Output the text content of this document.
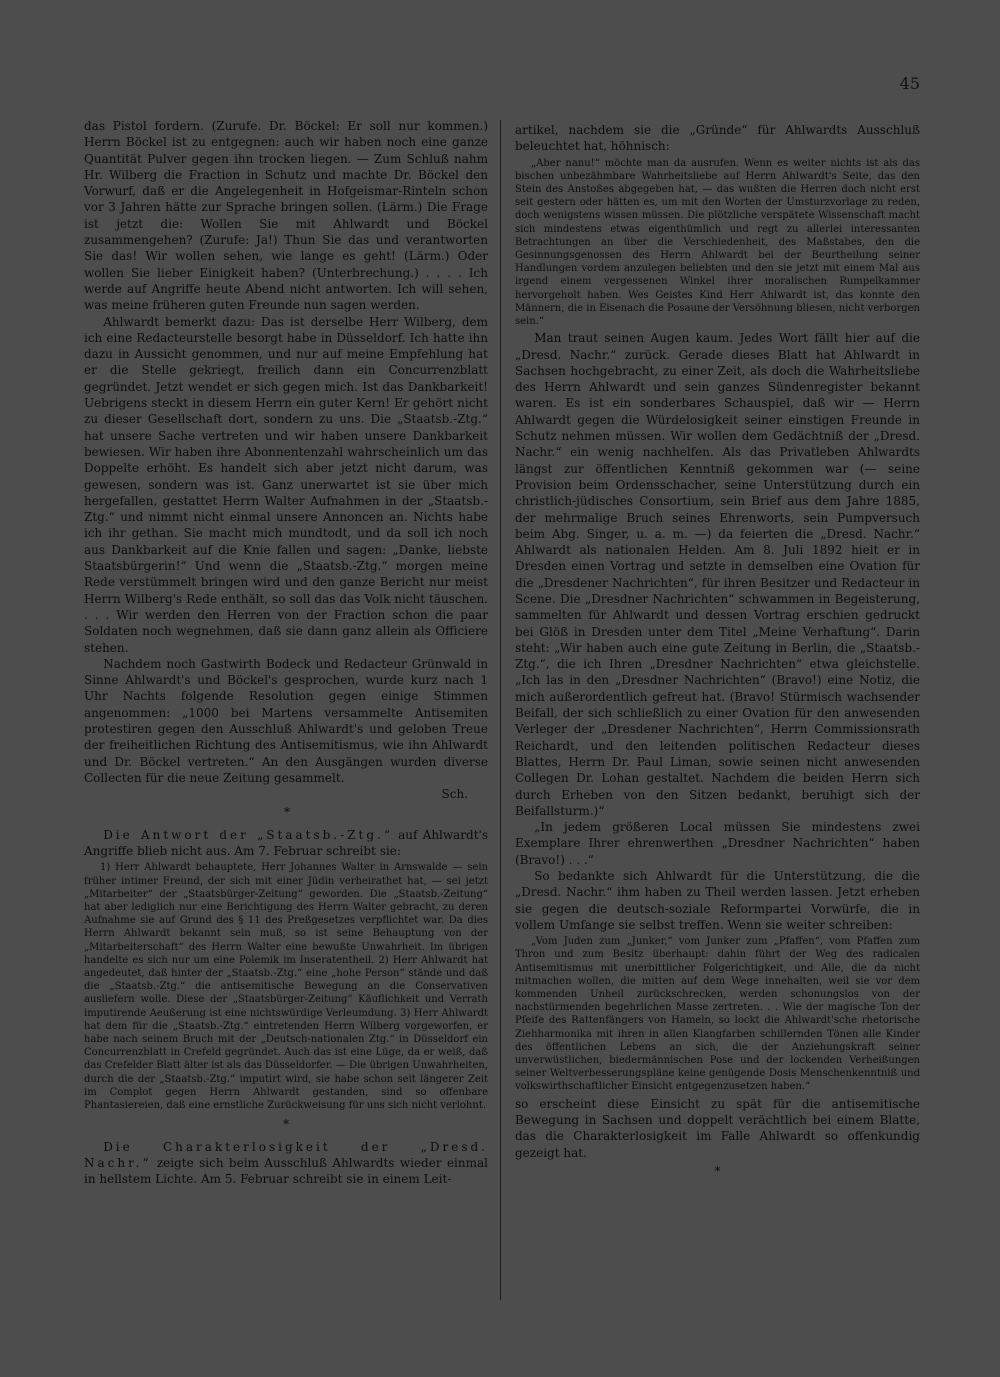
45

das Pistol fordern. (Zurufe. Dr. Böckel: Er soll nur kommen.) Herrn Böckel ist zu entgegnen: auch wir haben noch eine ganze Quantität Pulver gegen ihn trocken liegen. — Zum Schluß nahm Hr. Wilberg die Fraction in Schutz und machte Dr. Böckel den Vorwurf, daß er die Angelegenheit in Hofgeismar-Rinteln schon vor 3 Jahren hätte zur Sprache bringen sollen. (Lärm.) Die Frage ist jetzt die: Wollen Sie mit Ahlwardt und Böckel zusammengehen? (Zurufe: Ja!) Thun Sie das und verantworten Sie das! Wir wollen sehen, wie lange es geht! (Lärm.) Oder wollen Sie lieber Einigkeit haben? (Unterbrechung.) . . . . Ich werde auf Angriffe heute Abend nicht antworten. Ich will sehen, was meine früheren guten Freunde nun sagen werden.

Ahlwardt bemerkt dazu: Das ist derselbe Herr Wilberg, dem ich eine Redacteurstelle besorgt habe in Düsseldorf. Ich hatte ihn dazu in Aussicht genommen, und nur auf meine Empfehlung hat er die Stelle gekriegt, freilich dann ein Concurrenzblatt gegründet. Jetzt wendet er sich gegen mich. Ist das Dankbarkeit! Uebrigens steckt in diesem Herrn ein guter Kern! Er gehört nicht zu dieser Gesellschaft dort, sondern zu uns. Die „Staatsb.-Ztg.“ hat unsere Sache vertreten und wir haben unsere Dankbarkeit bewiesen. Wir haben ihre Abonnentenzahl wahrscheinlich um das Doppelte erhöht. Es handelt sich aber jetzt nicht darum, was gewesen, sondern was ist. Ganz unerwartet ist sie über mich hergefallen, gestattet Herrn Walter Aufnahmen in der „Staatsb.-Ztg.“ und nimmt nicht einmal unsere Annoncen an. Nichts habe ich ihr gethan. Sie macht mich mundtodt, und da soll ich noch aus Dankbarkeit auf die Knie fallen und sagen: „Danke, liebste Staatsbürgerin!“ Und wenn die „Staatsb.-Ztg.“ morgen meine Rede verstümmelt bringen wird und den ganze Bericht nur meist Herrn Wilberg's Rede enthält, so soll das das Volk nicht täuschen. . . . Wir werden den Herren von der Fraction schon die paar Soldaten noch wegnehmen, daß sie dann ganz allein als Officiere stehen.

Nachdem noch Gastwirth Bodeck und Redacteur Grünwald in Sinne Ahlwardt's und Böckel's gesprochen, wurde kurz nach 1 Uhr Nachts folgende Resolution gegen einige Stimmen angenommen: „1000 bei Martens versammelte Antisemiten protestiren gegen den Ausschluß Ahlwardt's und geloben Treue der freiheitlichen Richtung des Antisemitismus, wie ihn Ahlwardt und Dr. Böckel vertreten.“ An den Ausgängen wurden diverse Collecten für die neue Zeitung gesammelt.

Sch.

*

Die Antwort der „Staatsb.-Ztg.“ auf Ahlwardt's Angriffe blieb nicht aus. Am 7. Februar schreibt sie:

1) Herr Ahlwardt behauptete, Herr Johannes Walter in Arnswalde — sein früher intimer Freund, der sich mit einer Jüdin verheirathet hat, — sei jetzt „Mitarbeiter“ der „Staatsbürger-Zeitung“ geworden. Die „Staatsb.-Zeitung“ hat aber lediglich nur eine Berichtigung des Herrn Walter gebracht, zu deren Aufnahme sie auf Grund des § 11 des Preßgesetzes verpflichtet war. Da dies Herrn Ahlwardt bekannt sein muß, so ist seine Behauptung von der „Mitarbeiterschaft“ des Herrn Walter eine bewußte Unwahrheit. Im übrigen handelte es sich nur um eine Polemik im Inseratentheil. 2) Herr Ahlwardt hat angedeutet, daß hinter der „Staatsb.-Ztg.“ eine „hohe Person“ stände und daß die „Staatsb.-Ztg.“ die antisemitische Bewegung an die Conservativen ausliefern wolle. Diese der „Staatsbürger-Zeitung“ Käuflichkeit und Verrath imputirende Aeußerung ist eine nichtswürdige Verleumdung. 3) Herr Ahlwardt hat dem für die „Staatsb.-Ztg.“ eintretenden Herrn Wilberg vorgeworfen, er habe nach seinem Bruch mit der „Deutsch-nationalen Ztg.“ in Düsseldorf ein Concurrenzblatt in Crefeld gegründet. Auch das ist eine Lüge, da er weiß, daß das Crefelder Blatt älter ist als das Düsseldorfer. — Die übrigen Unwahrheiten, durch die der „Staatsb.-Ztg.“ imputirt wird, sie habe schon seit längerer Zeit im Complot gegen Herrn Ahlwardt gestanden, sind so offenbare Phantasiereien, daß eine ernstliche Zurückweisung für uns sich nicht verlohnt.

*

Die Charakterlosigkeit der „Dresd. Nachr.“ zeigte sich beim Ausschluß Ahlwardts wieder einmal in hellstem Lichte. Am 5. Februar schreibt sie in einem Leit-

artikel, nachdem sie die „Gründe“ für Ahlwardts Ausschluß beleuchtet hat, höhnisch:

„Aber nanu!“ möchte man da ausrufen. Wenn es weiter nichts ist als das bischen unbezähmbare Wahrheitsliebe auf Herrn Ahlwardt's Seite, das den Stein des Anstoßes abgegeben hat, — das wußten die Herren doch nicht erst seit gestern oder hätten es, um mit den Worten der Umsturzvorlage zu reden, doch wenigstens wissen müssen. Die plötzliche verspätete Wissenschaft macht sich mindestens etwas eigenthümlich und regt zu allerlei interessanten Betrachtungen an über die Verschiedenheit, des Maßstabes, den die Gesinnungsgenossen des Herrn Ahlwardt bei der Beurtheilung seiner Handlungen vordem anzulegen beliebten und den sie jetzt mit einem Mal aus irgend einem vergessenen Winkel ihrer moralischen Rumpelkammer hervorgeholt haben. Wes Geistes Kind Herr Ahlwardt ist, das konnte den Männern, die in Eisenach die Posaune der Versöhnung bliesen, nicht verborgen sein.“

Man traut seinen Augen kaum. Jedes Wort fällt hier auf die „Dresd. Nachr.“ zurück. Gerade dieses Blatt hat Ahlwardt in Sachsen hochgebracht, zu einer Zeit, als doch die Wahrheitsliebe des Herrn Ahlwardt und sein ganzes Sündenregister bekannt waren. Es ist ein sonderbares Schauspiel, daß wir — Herrn Ahlwardt gegen die Würdelosigkeit seiner einstigen Freunde in Schutz nehmen müssen. Wir wollen dem Gedächtniß der „Dresd. Nachr.“ ein wenig nachhelfen. Als das Privatleben Ahlwardts längst zur öffentlichen Kenntniß gekommen war (— seine Provision beim Ordensschacher, seine Unterstützung durch ein christlich-jüdisches Consortium, sein Brief aus dem Jahre 1885, der mehrmalige Bruch seines Ehrenworts, sein Pumpversuch beim Abg. Singer, u. a. m. —) da feierten die „Dresd. Nachr.“ Ahlwardt als nationalen Helden. Am 8. Juli 1892 hielt er in Dresden einen Vortrag und setzte in demselben eine Ovation für die „Dresdener Nachrichten“, für ihren Besitzer und Redacteur in Scene. Die „Dresdner Nachrichten“ schwammen in Begeisterung, sammelten für Ahlwardt und dessen Vortrag erschien gedruckt bei Glöß in Dresden unter dem Titel „Meine Verhaftung“. Darin steht: „Wir haben auch eine gute Zeitung in Berlin, die „Staatsb.-Ztg.“, die ich Ihren „Dresdner Nachrichten“ etwa gleichstelle. „Ich las in den „Dresdner Nachrichten“ (Bravo!) eine Notiz, die mich außerordentlich gefreut hat. (Bravo! Stürmisch wachsender Beifall, der sich schließlich zu einer Ovation für den anwesenden Verleger der „Dresdener Nachrichten“, Herrn Commissionsrath Reichardt, und den leitenden politischen Redacteur dieses Blattes, Herrn Dr. Paul Liman, sowie seinen nicht anwesenden Collegen Dr. Lohan gestaltet. Nachdem die beiden Herrn sich durch Erheben von den Sitzen bedankt, beruhigt sich der Beifallsturm.)“

„In jedem größeren Local müssen Sie mindestens zwei Exemplare Ihrer ehrenwerthen „Dresdner Nachrichten“ haben (Bravo!) . . .“

So bedankte sich Ahlwardt für die Unterstützung, die die „Dresd. Nachr.“ ihm haben zu Theil werden lassen. Jetzt erheben sie gegen die deutsch-soziale Reformpartei Vorwürfe, die in vollem Umfange sie selbst treffen. Wenn sie weiter schreiben:

„Vom Juden zum „Junker,“ vom Junker zum „Pfaffen“, vom Pfaffen zum Thron und zum Besitz überhaupt: dahin führt der Weg des radicalen Antisemitismus mit unerbittlicher Folgerichtigkeit, und Alle, die da nicht mitmachen wollen, die mitten auf dem Wege innehalten, weil sie vor dem kommenden Unheil zurückschrecken, werden schonungslos von der nachstürmenden begehrlichen Masse zertreten. . . Wie der magische Ton der Pfeife des Rattenfängers von Hameln, so lockt die Ahlwardt'sche rhetorische Ziehharmonika mit ihren in allen Klangfarben schillernden Tönen alle Kinder des öffentlichen Lebens an sich, die der Anziehungskraft seiner unverwüstlichen, biedermännischen Pose und der lockenden Verheißungen seiner Weltverbesserungspläne keine genügende Dosis Menschenkenntniß und volkswirthschaftlicher Einsicht entgegenzusetzen haben.“

so erscheint diese Einsicht zu spät für die antisemitische Bewegung in Sachsen und doppelt verächtlich bei einem Blatte, das die Charakterlosigkeit im Falle Ahlwardt so offenkundig gezeigt hat.

*
